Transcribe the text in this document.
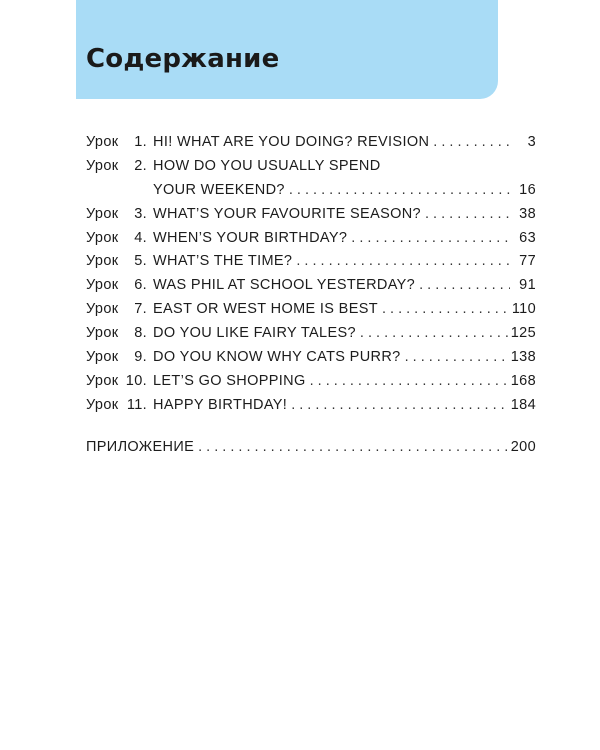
Содержание
Урок	1. HI! WHAT ARE YOU DOING? REVISION . . .	3
Урок	2. HOW DO YOU USUALLY SPEND
YOUR WEEKEND? . . .	16
Урок	3. WHAT’S YOUR FAVOURITE SEASON? . . .	38
Урок	4. WHEN’S YOUR BIRTHDAY? . . .	63
Урок	5. WHAT’S THE TIME? . . .	77
Урок	6. WAS PHIL AT SCHOOL YESTERDAY? . . .	91
Урок	7. EAST OR WEST HOME IS BEST . . .	110
Урок	8. DO YOU LIKE FAIRY TALES? . . .	125
Урок	9. DO YOU KNOW WHY CATS PURR? . . .	138
Урок 10. LET’S GO SHOPPING . . .	168
Урок 11. HAPPY BIRTHDAY! . . .	184
ПРИЛОЖЕНИЕ . . .	200
